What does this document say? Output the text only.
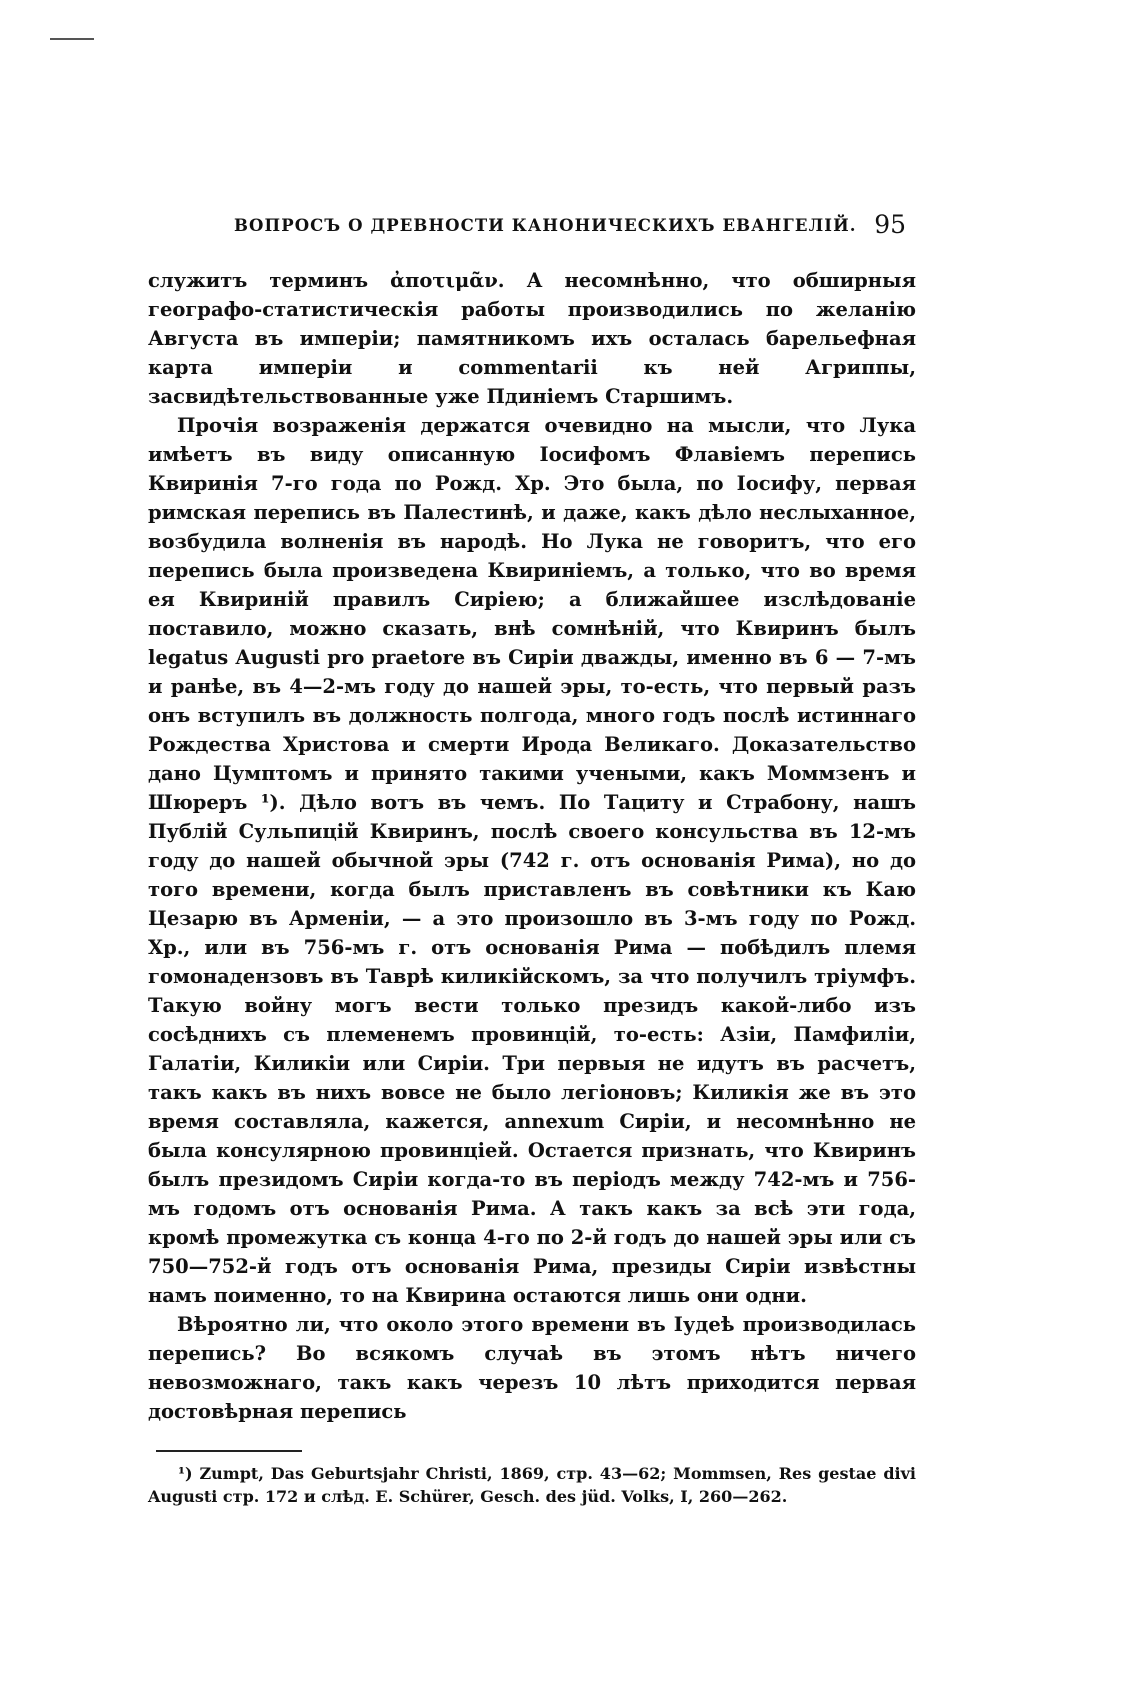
ВОПРОСЪ О ДРЕВНОСТИ КАНОНИЧЕСКИХЪ ЕВАНГЕЛІЙ. 95

служитъ терминъ ἀποτιμᾶν. А несомнѣнно, что обширныя географо-статистическія работы производились по желанію Августа въ имперіи; памятникомъ ихъ осталась барельефная карта имперіи и commentarii къ ней Агриппы, засвидѣтельствованные уже Пдиніемъ Старшимъ.

Прочія возраженія держатся очевидно на мысли, что Лука имѣетъ въ виду описанную Іосифомъ Флавіемъ перепись Квиринія 7-го года по Рожд. Хр. Это была, по Іосифу, первая римская перепись въ Палестинѣ, и даже, какъ дѣло неслыханное, возбудила волненія въ народѣ. Но Лука не говоритъ, что его перепись была произведена Квириніемъ, а только, что во время ея Квириній правилъ Сиріею; а ближайшее изслѣдованіе поставило, можно сказать, внѣ сомнѣній, что Квиринъ былъ legatus Augusti pro praetore въ Сиріи дважды, именно въ 6 — 7-мъ и ранѣе, въ 4—2-мъ году до нашей эры, то-есть, что первый разъ онъ вступилъ въ должность полгода, много годъ послѣ истиннаго Рождества Христова и смерти Ирода Великаго. Доказательство дано Цумптомъ и принято такими учеными, какъ Моммзенъ и Шюреръ ¹). Дѣло вотъ въ чемъ. По Тациту и Страбону, нашъ Публій Сульпицій Квиринъ, послѣ своего консульства въ 12-мъ году до нашей обычной эры (742 г. отъ основанія Рима), но до того времени, когда былъ приставленъ въ совѣтники къ Каю Цезарю въ Арменіи, — а это произошло въ 3-мъ году по Рожд. Хр., или въ 756-мъ г. отъ основанія Рима — побѣдилъ племя гомонадензовъ въ Таврѣ киликійскомъ, за что получилъ тріумфъ. Такую войну могъ вести только президъ какой-либо изъ сосѣднихъ съ племенемъ провинцій, то-есть: Азіи, Памфиліи, Галатіи, Киликіи или Сиріи. Три первыя не идутъ въ расчетъ, такъ какъ въ нихъ вовсе не было легіоновъ; Киликія же въ это время составляла, кажется, annexum Сиріи, и несомнѣнно не была консулярною провинціей. Остается признать, что Квиринъ былъ президомъ Сиріи когда-то въ періодъ между 742-мъ и 756-мъ годомъ отъ основанія Рима. А такъ какъ за всѣ эти года, кромѣ промежутка съ конца 4-го по 2-й годъ до нашей эры или съ 750—752-й годъ отъ основанія Рима, президы Сиріи извѣстны намъ поименно, то на Квирина остаются лишь они одни.

Вѣроятно ли, что около этого времени въ Іудеѣ производилась перепись? Во всякомъ случаѣ въ этомъ нѣтъ ничего невозможнаго, такъ какъ черезъ 10 лѣтъ приходится первая достовѣрная перепись

¹) Zumpt, Das Geburtsjahr Christi, 1869, стр. 43—62; Mommsen, Res gestae divi Augusti стр. 172 и слѣд. E. Schürer, Gesch. des jüd. Volks, I, 260—262.
